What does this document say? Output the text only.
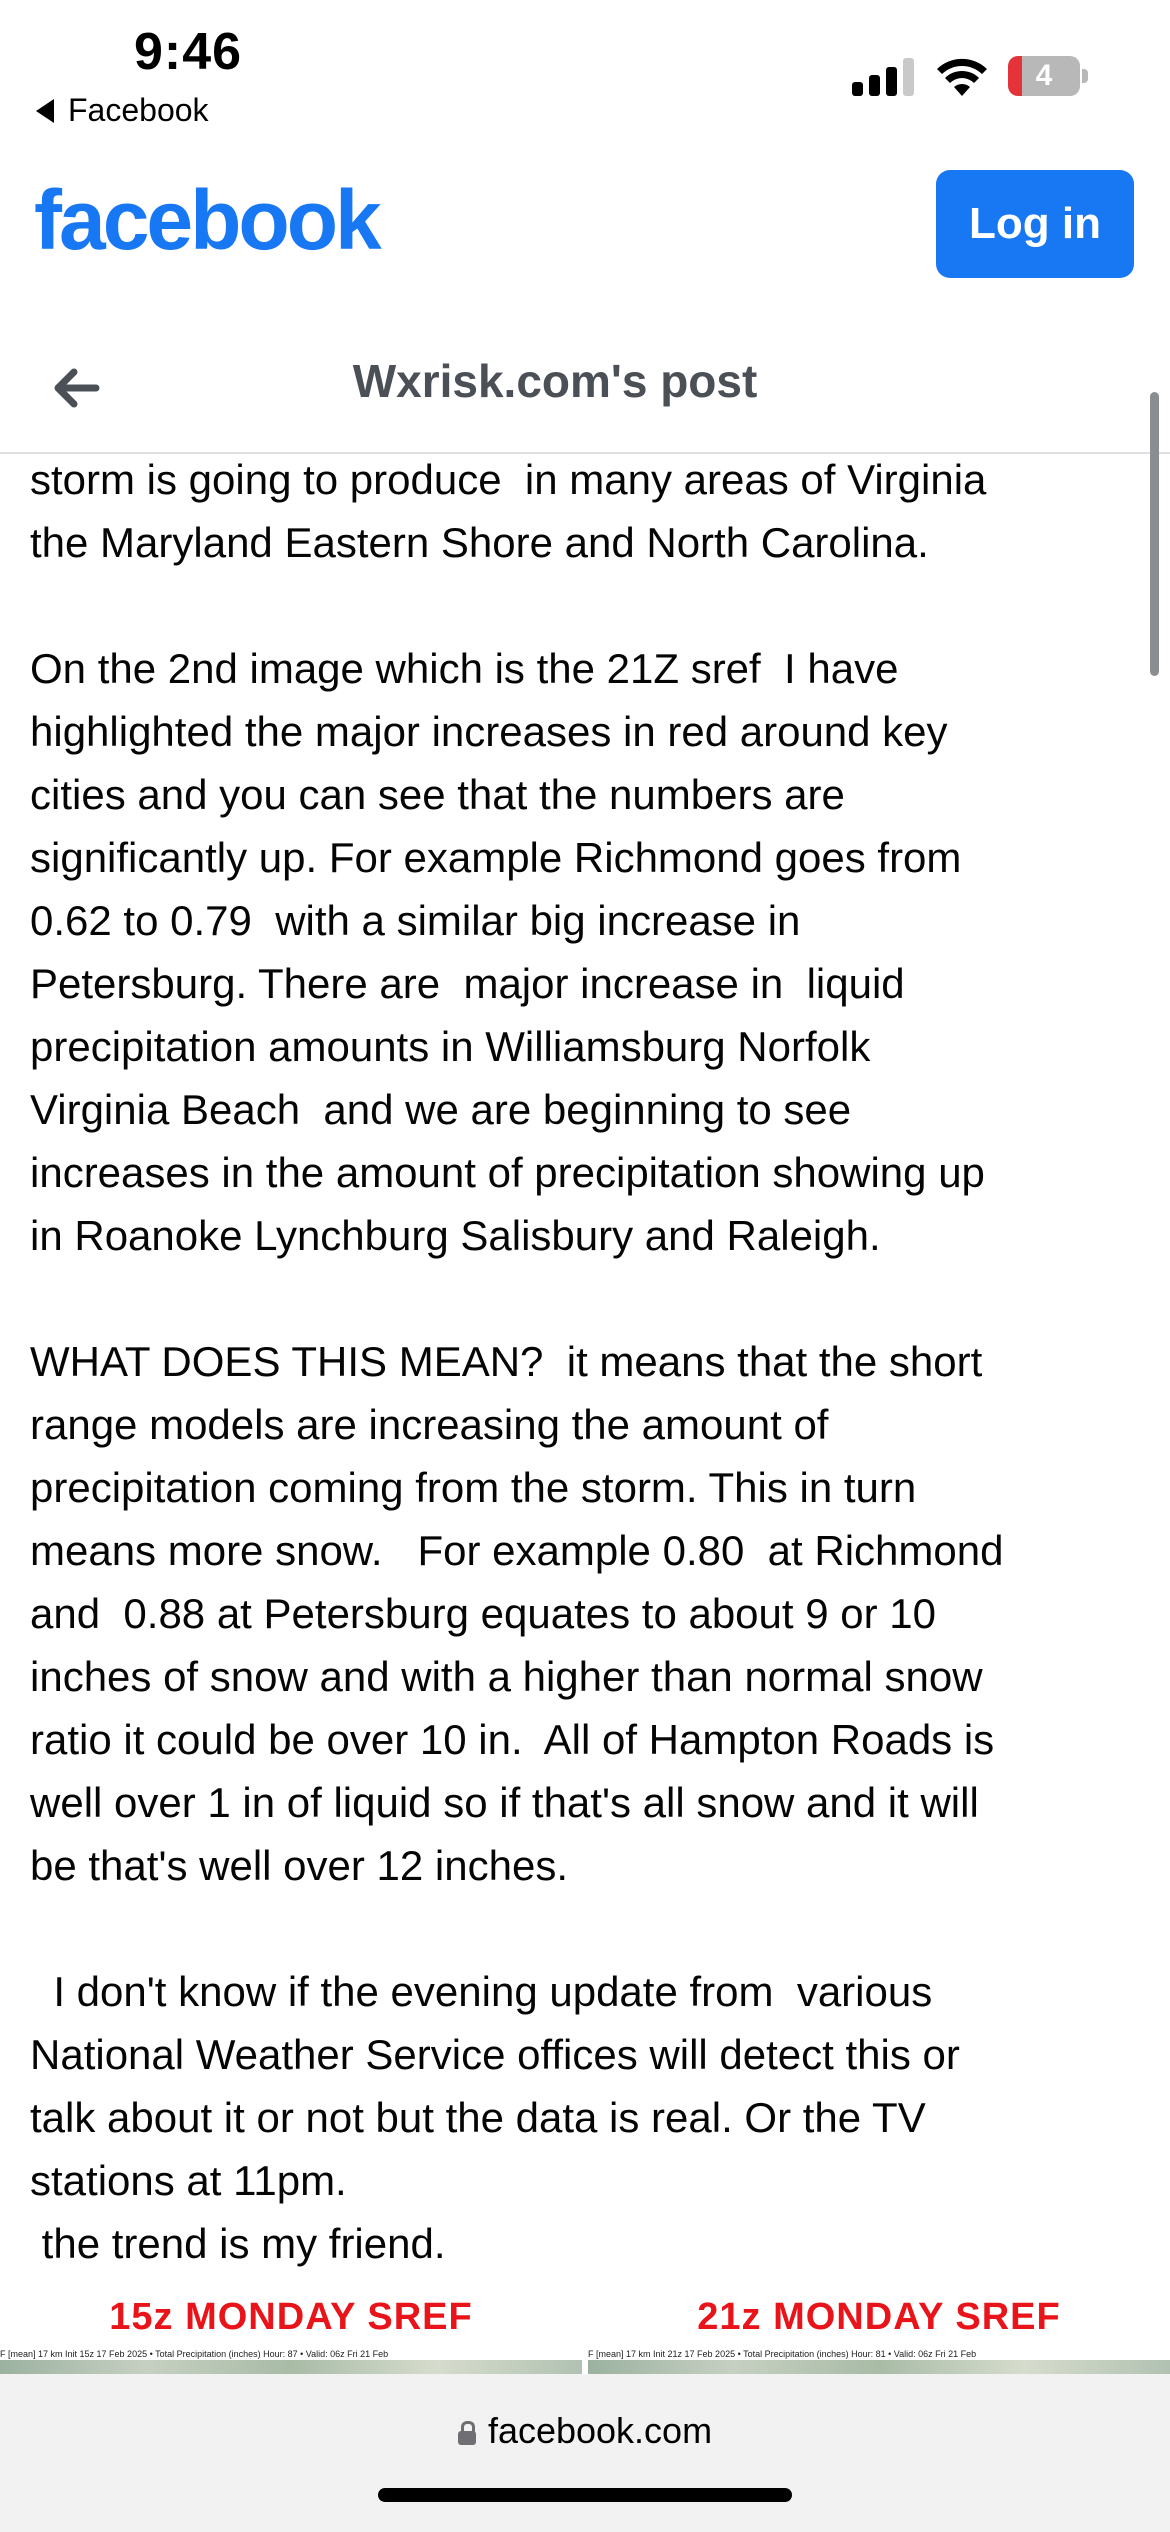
9:46
Facebook
4
facebook	Log in
Wxrisk.com's post

storm is going to produce  in many areas of Virginia
the Maryland Eastern Shore and North Carolina.

On the 2nd image which is the 21Z sref  I have
highlighted the major increases in red around key
cities and you can see that the numbers are
significantly up. For example Richmond goes from
0.62 to 0.79  with a similar big increase in
Petersburg. There are  major increase in  liquid
precipitation amounts in Williamsburg Norfolk
Virginia Beach  and we are beginning to see
increases in the amount of precipitation showing up
in Roanoke Lynchburg Salisbury and Raleigh.

WHAT DOES THIS MEAN?  it means that the short
range models are increasing the amount of
precipitation coming from the storm. This in turn
means more snow.   For example 0.80  at Richmond
and  0.88 at Petersburg equates to about 9 or 10
inches of snow and with a higher than normal snow
ratio it could be over 10 in.  All of Hampton Roads is
well over 1 in of liquid so if that's all snow and it will
be that's well over 12 inches.

I don't know if the evening update from  various
National Weather Service offices will detect this or
talk about it or not but the data is real. Or the TV
stations at 11pm.
the trend is my friend.

15z MONDAY SREF
F [mean] 17 km Init 15z 17 Feb 2025 • Total Precipitation (inches) Hour: 87 • Valid: 06z Fri 21 Feb
21z MONDAY SREF
F [mean] 17 km Init 21z 17 Feb 2025 • Total Precipitation (inches) Hour: 81 • Valid: 06z Fri 21 Feb
facebook.com
